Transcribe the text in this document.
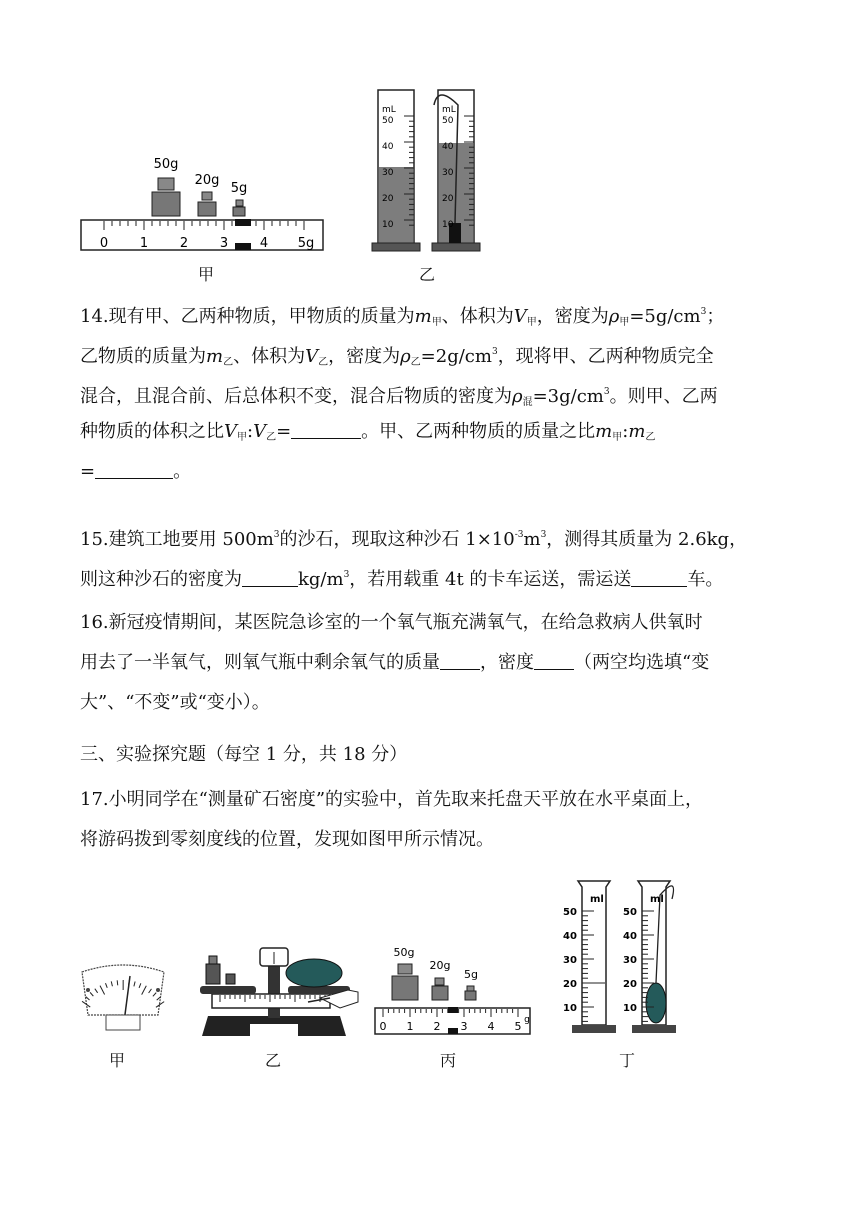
50g
20g
5g
0 1 2 3 4 5g
甲
mL
50
40
30
20
10
mL
50
40
30
20
10
乙
14.现有甲、乙两种物质，甲物质的质量为$m_甲$、体积为$V_甲$，密度为$\rho_甲=5g/cm^3$；
乙物质的质量为$m_乙$、体积为$V_乙$，密度为$\rho_乙=2g/cm^3$，现将甲、乙两种物质完全
混合，且混合前、后总体积不变，混合后物质的密度为$\rho_混=3g/cm^3$。则甲、乙两
种物质的体积之比$V_甲:V_乙=$	。甲、乙两种物质的质量之比$m_甲:m_乙$
=	。
15.建筑工地要用 $500m^3$的沙石，现取这种沙石 $1\times 10^{-3}m^3$，测得其质量为 2.6kg，
则这种沙石的密度为	$kg/m^3$，若用载重 4t 的卡车运送，需运送	车。
16.新冠疫情期间，某医院急诊室的一个氧气瓶充满氧气，在给急救病人供氧时
用去了一半氧气，则氧气瓶中剩余氧气的质量 ，密度 （两空均选填“变
大”、“不变”或“变小）。
三、实验探究题（每空 1 分，共 18 分）
17.小明同学在“测量矿石密度”的实验中，首先取来托盘天平放在水平桌面上，
将游码拨到零刻度线的位置，发现如图甲所示情况。
甲	乙
50g
20g
5g
0 1 2 3 4 5 g
丙
ml
50
40
30
20
10
ml
50
40
30
20
10
丁
